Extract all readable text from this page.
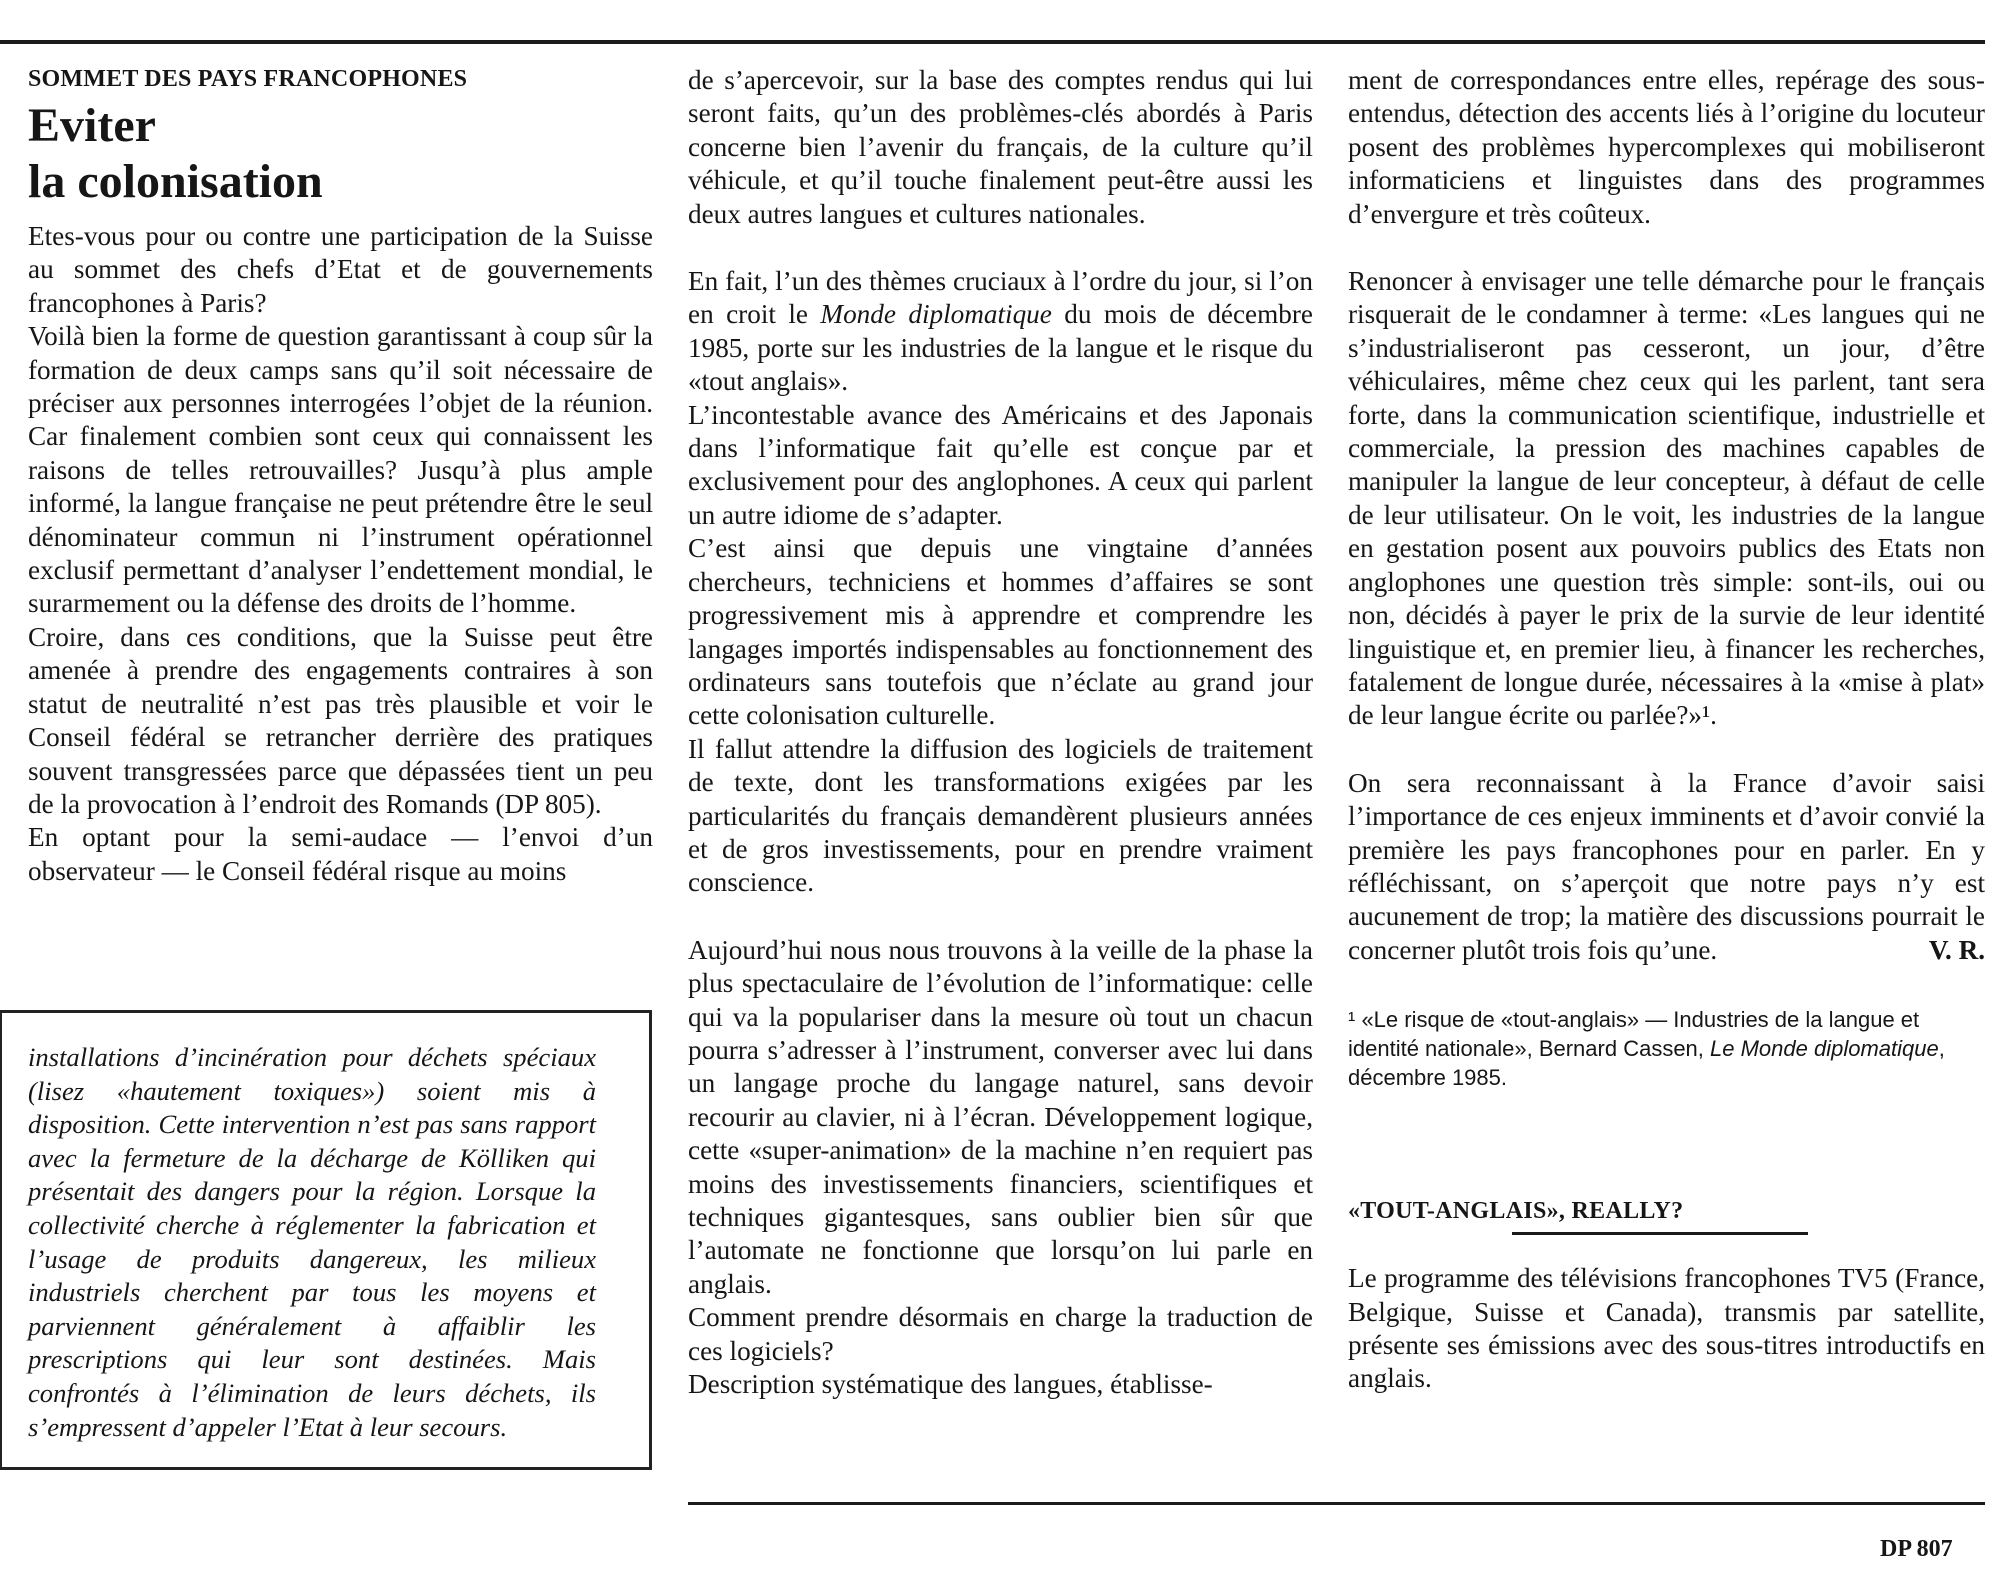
SOMMET DES PAYS FRANCOPHONES
Eviter
la colonisation

Etes-vous pour ou contre une participation de la Suisse au sommet des chefs d’Etat et de gouvernements francophones à Paris?

Voilà bien la forme de question garantissant à coup sûr la formation de deux camps sans qu’il soit nécessaire de préciser aux personnes interrogées l’objet de la réunion. Car finalement combien sont ceux qui connaissent les raisons de telles retrouvailles? Jusqu’à plus ample informé, la langue française ne peut prétendre être le seul dénominateur commun ni l’instrument opérationnel exclusif permettant d’analyser l’endettement mondial, le surarmement ou la défense des droits de l’homme.

Croire, dans ces conditions, que la Suisse peut être amenée à prendre des engagements contraires à son statut de neutralité n’est pas très plausible et voir le Conseil fédéral se retrancher derrière des pratiques souvent transgressées parce que dépassées tient un peu de la provocation à l’endroit des Romands (DP 805).

En optant pour la semi-audace — l’envoi d’un observateur — le Conseil fédéral risque au moins

installations d’incinération pour déchets spéciaux (lisez «hautement toxiques») soient mis à disposition. Cette intervention n’est pas sans rapport avec la fermeture de la décharge de Kölliken qui présentait des dangers pour la région. Lorsque la collectivité cherche à réglementer la fabrication et l’usage de produits dangereux, les milieux industriels cherchent par tous les moyens et parviennent généralement à affaiblir les prescriptions qui leur sont destinées. Mais confrontés à l’élimination de leurs déchets, ils s’empressent d’appeler l’Etat à leur secours.

de s’apercevoir, sur la base des comptes rendus qui lui seront faits, qu’un des problèmes-clés abordés à Paris concerne bien l’avenir du français, de la culture qu’il véhicule, et qu’il touche finalement peut-être aussi les deux autres langues et cultures nationales.

En fait, l’un des thèmes cruciaux à l’ordre du jour, si l’on en croit le Monde diplomatique du mois de décembre 1985, porte sur les industries de la langue et le risque du «tout anglais».

L’incontestable avance des Américains et des Japonais dans l’informatique fait qu’elle est conçue par et exclusivement pour des anglophones. A ceux qui parlent un autre idiome de s’adapter.

C’est ainsi que depuis une vingtaine d’années chercheurs, techniciens et hommes d’affaires se sont progressivement mis à apprendre et comprendre les langages importés indispensables au fonctionnement des ordinateurs sans toutefois que n’éclate au grand jour cette colonisation culturelle.

Il fallut attendre la diffusion des logiciels de traitement de texte, dont les transformations exigées par les particularités du français demandèrent plusieurs années et de gros investissements, pour en prendre vraiment conscience.

Aujourd’hui nous nous trouvons à la veille de la phase la plus spectaculaire de l’évolution de l’informatique: celle qui va la populariser dans la mesure où tout un chacun pourra s’adresser à l’instrument, converser avec lui dans un langage proche du langage naturel, sans devoir recourir au clavier, ni à l’écran. Développement logique, cette «super-animation» de la machine n’en requiert pas moins des investissements financiers, scientifiques et techniques gigantesques, sans oublier bien sûr que l’automate ne fonctionne que lorsqu’on lui parle en anglais.

Comment prendre désormais en charge la traduction de ces logiciels?

Description systématique des langues, établisse-

ment de correspondances entre elles, repérage des sous-entendus, détection des accents liés à l’origine du locuteur posent des problèmes hypercomplexes qui mobiliseront informaticiens et linguistes dans des programmes d’envergure et très coûteux.

Renoncer à envisager une telle démarche pour le français risquerait de le condamner à terme: «Les langues qui ne s’industrialiseront pas cesseront, un jour, d’être véhiculaires, même chez ceux qui les parlent, tant sera forte, dans la communication scientifique, industrielle et commerciale, la pression des machines capables de manipuler la langue de leur concepteur, à défaut de celle de leur utilisateur. On le voit, les industries de la langue en gestation posent aux pouvoirs publics des Etats non anglophones une question très simple: sont-ils, oui ou non, décidés à payer le prix de la survie de leur identité linguistique et, en premier lieu, à financer les recherches, fatalement de longue durée, nécessaires à la «mise à plat» de leur langue écrite ou parlée?»¹.

On sera reconnaissant à la France d’avoir saisi l’importance de ces enjeux imminents et d’avoir convié la première les pays francophones pour en parler. En y réfléchissant, on s’aperçoit que notre pays n’y est aucunement de trop; la matière des discussions pourrait le concerner plutôt trois fois qu’une.	V. R.

¹ «Le risque de «tout-anglais» — Industries de la langue et identité nationale», Bernard Cassen, Le Monde diplomatique, décembre 1985.

«TOUT-ANGLAIS», REALLY?

Le programme des télévisions francophones TV5 (France, Belgique, Suisse et Canada), transmis par satellite, présente ses émissions avec des sous-titres introductifs en anglais.

DP 807
